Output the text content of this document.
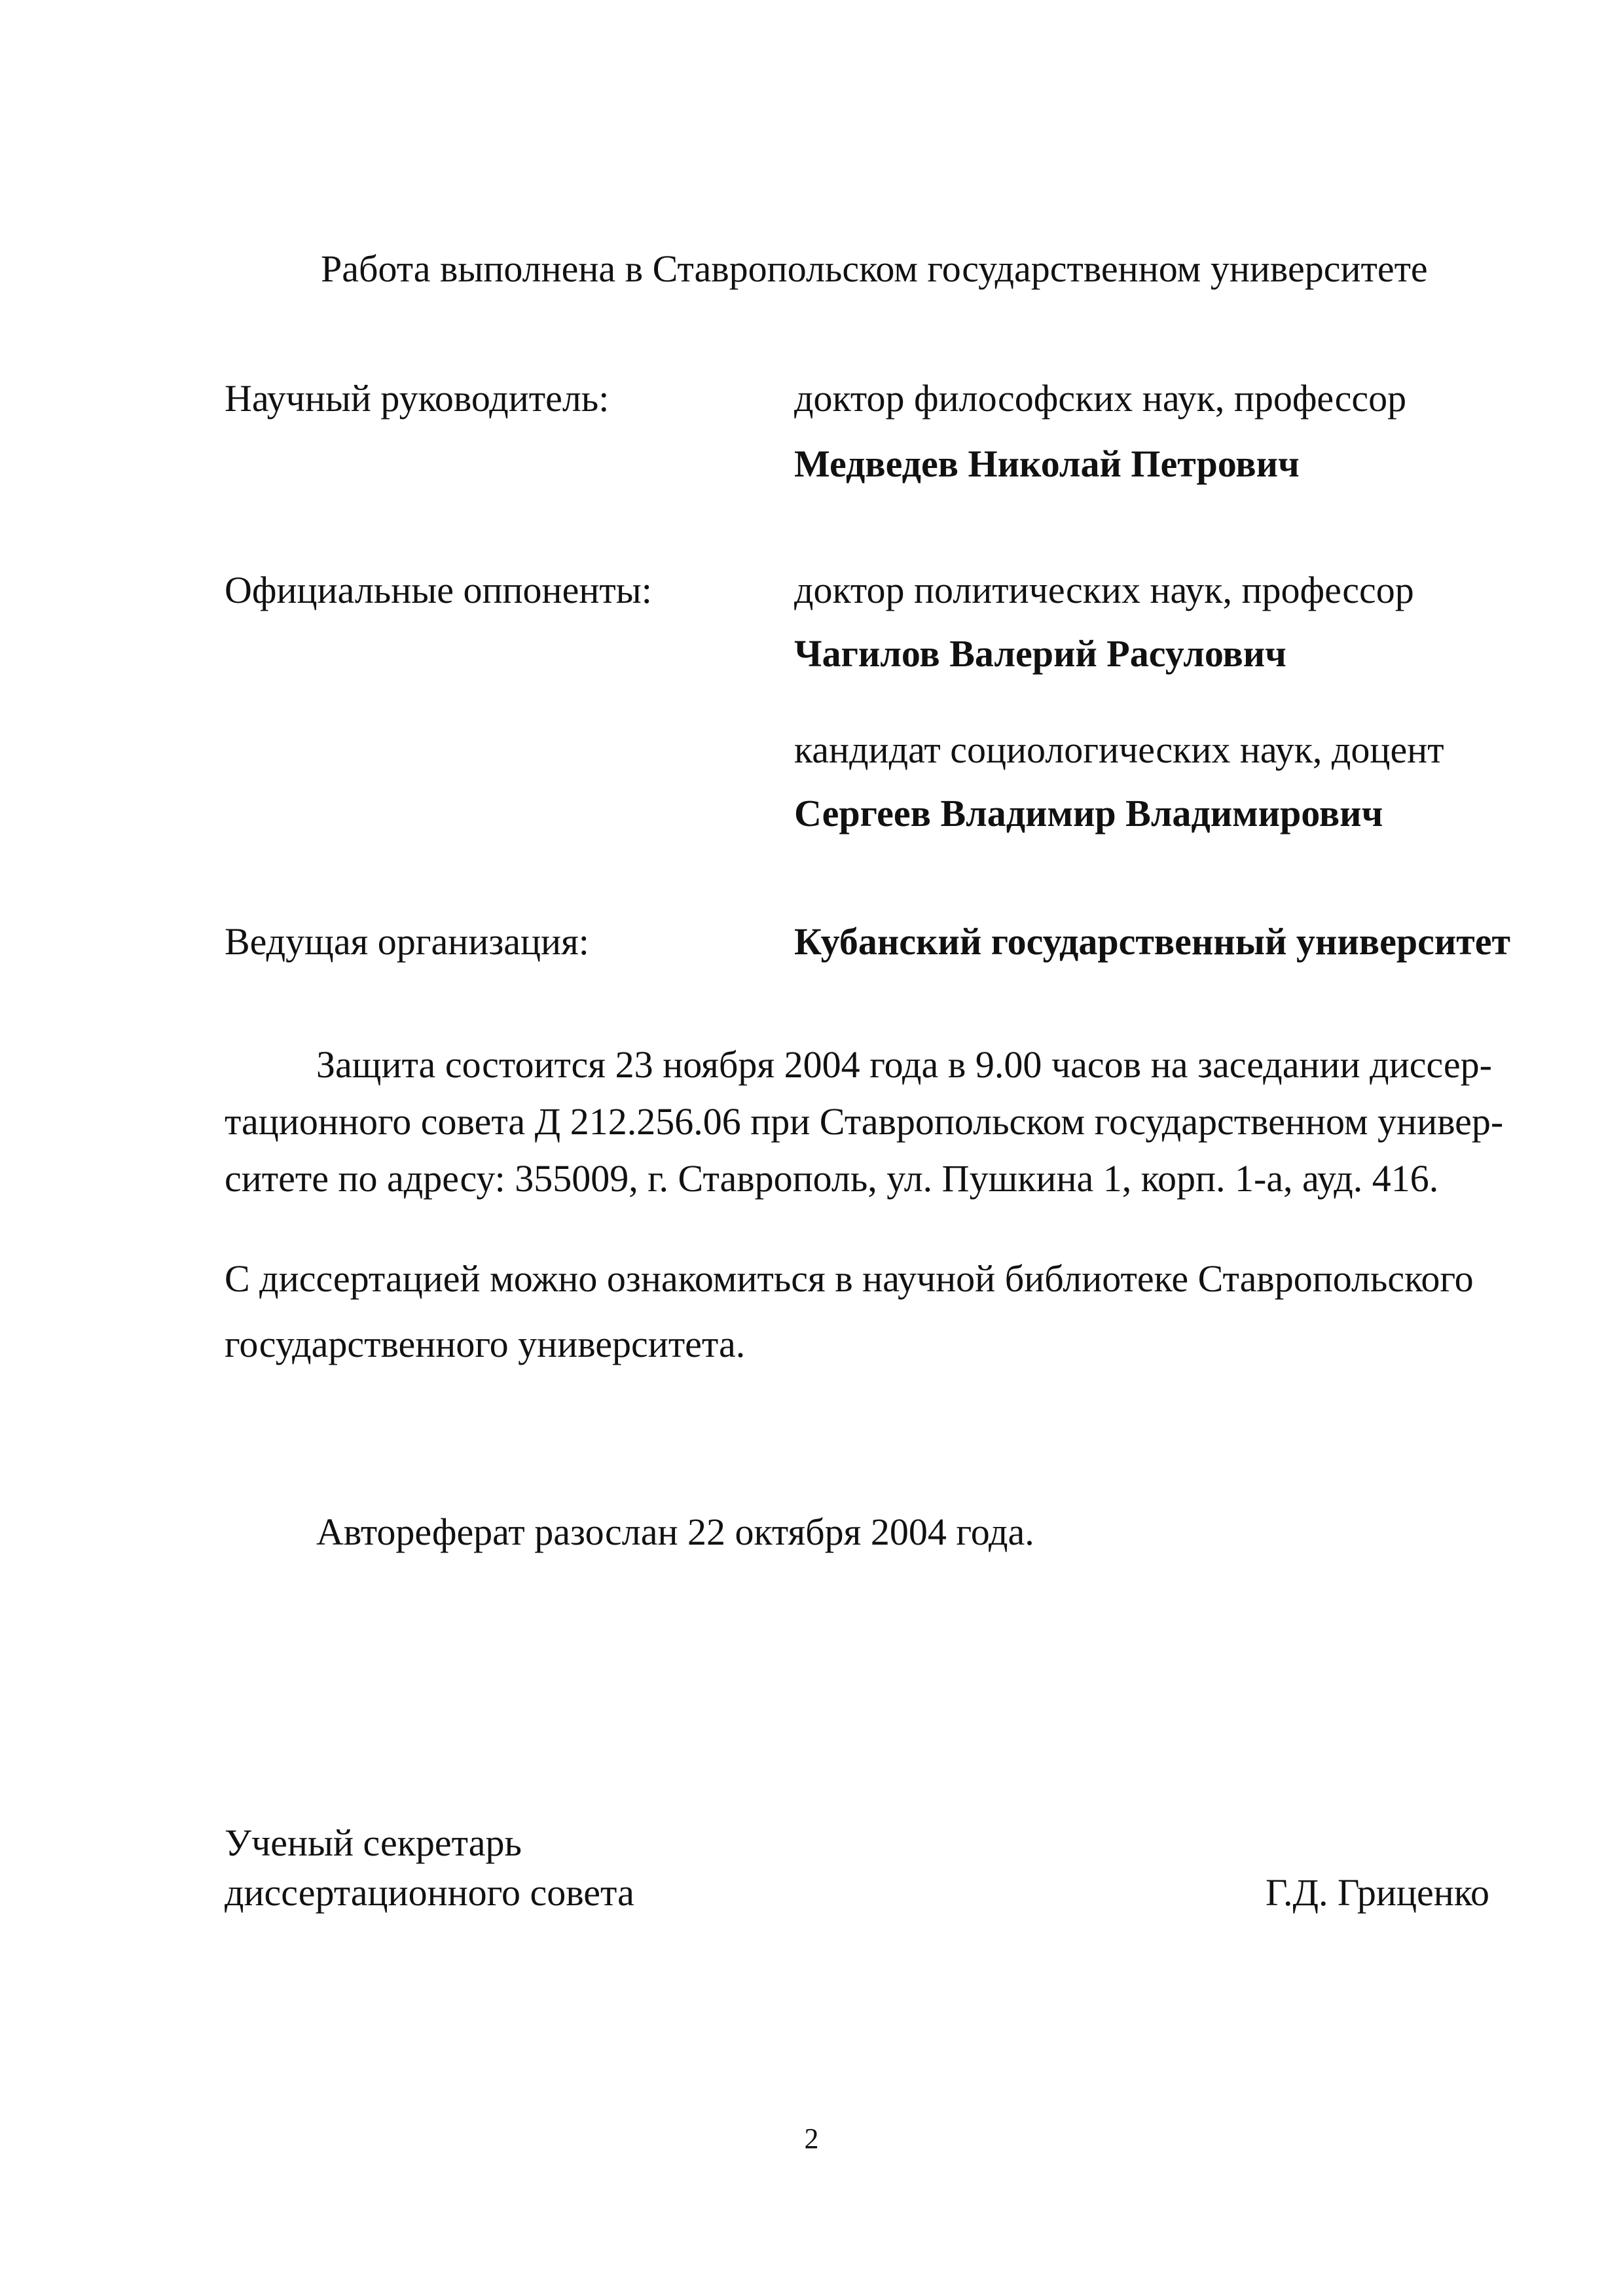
Работа выполнена в Ставропольском государственном университете
Научный руководитель:	доктор философских наук, профессор
Медведев Николай Петрович
Официальные оппоненты:	доктор политических наук, профессор
Чагилов Валерий Расулович
кандидат социологических наук, доцент
Сергеев Владимир Владимирович
Ведущая организация:	Кубанский государственный университет
Защита состоится 23 ноября 2004 года в 9.00 часов на заседании диссер-
тационного совета Д 212.256.06 при Ставропольском государственном универ-
ситете по адресу: 355009, г. Ставрополь, ул. Пушкина 1, корп. 1-а, ауд. 416.
С диссертацией можно ознакомиться в научной библиотеке Ставропольского
государственного университета.
Автореферат разослан 22 октября 2004 года.
Ученый секретарь
диссертационного совета	Г.Д. Гриценко
2
